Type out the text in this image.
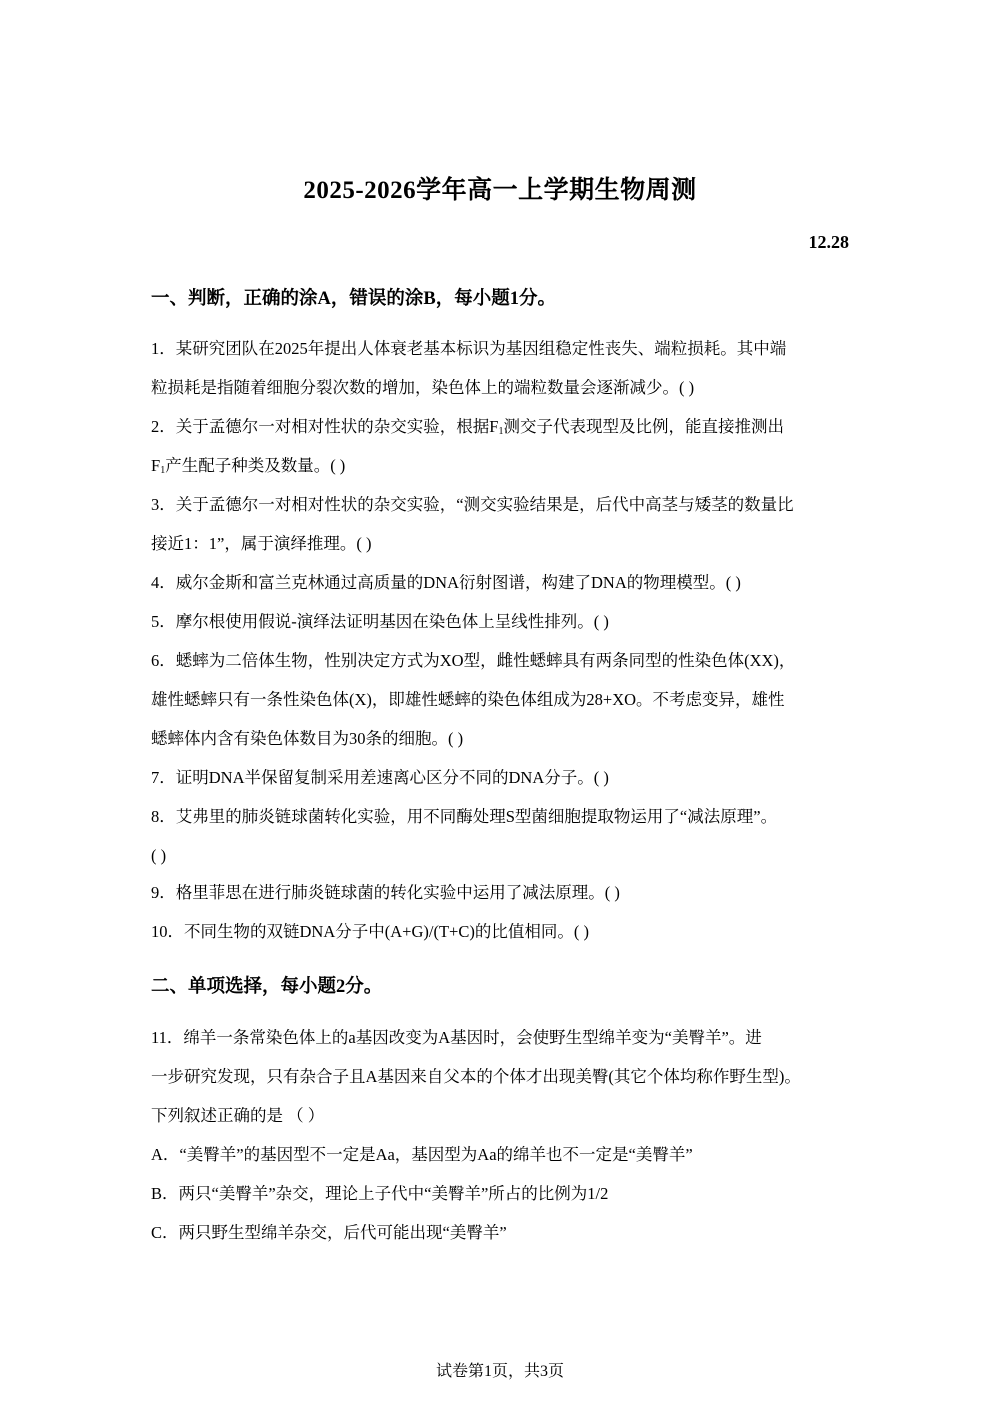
2025-2026学年高一上学期生物周测
12.28
一、判断，正确的涂A，错误的涂B，每小题1分。
1．某研究团队在2025年提出人体衰老基本标识为基因组稳定性丧失、端粒损耗。其中端
粒损耗是指随着细胞分裂次数的增加，染色体上的端粒数量会逐渐减少。( )
2．关于孟德尔一对相对性状的杂交实验，根据$F_1$测交子代表现型及比例，能直接推测出
$F_1$产生配子种类及数量。( )
3．关于孟德尔一对相对性状的杂交实验，“测交实验结果是，后代中高茎与矮茎的数量比
接近1：1”，属于演绎推理。( )
4．威尔金斯和富兰克林通过高质量的DNA衍射图谱，构建了DNA的物理模型。( )
5．摩尔根使用假说-演绎法证明基因在染色体上呈线性排列。( )
6．蟋蟀为二倍体生物，性别决定方式为XO型，雌性蟋蟀具有两条同型的性染色体(XX)，
雄性蟋蟀只有一条性染色体(X)，即雄性蟋蟀的染色体组成为28+XO。不考虑变异，雄性
蟋蟀体内含有染色体数目为30条的细胞。( )
7．证明DNA半保留复制采用差速离心区分不同的DNA分子。( )
8．艾弗里的肺炎链球菌转化实验，用不同酶处理S型菌细胞提取物运用了“减法原理”。
( )
9．格里菲思在进行肺炎链球菌的转化实验中运用了减法原理。( )
10．不同生物的双链DNA分子中(A+G)/(T+C)的比值相同。( )
二、单项选择，每小题2分。
11．绵羊一条常染色体上的a基因改变为A基因时，会使野生型绵羊变为“美臀羊”。进
一步研究发现，只有杂合子且A基因来自父本的个体才出现美臀(其它个体均称作野生型)。
下列叙述正确的是 （ ）
A．“美臀羊”的基因型不一定是Aa，基因型为Aa的绵羊也不一定是“美臀羊”
B．两只“美臀羊”杂交，理论上子代中“美臀羊”所占的比例为1/2
C．两只野生型绵羊杂交，后代可能出现“美臀羊”
试卷第1页，共3页
